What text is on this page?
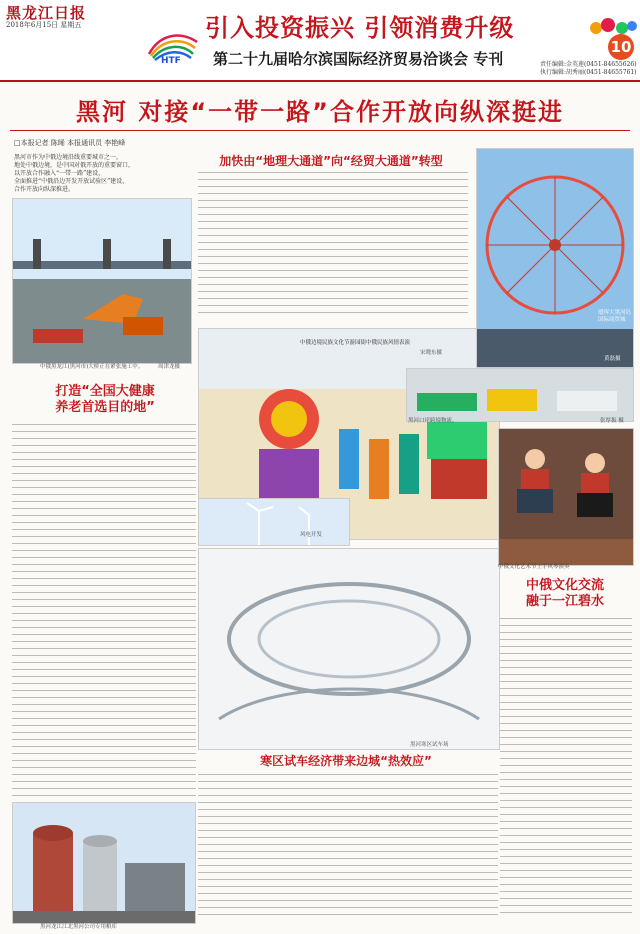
黑龙江日报
2018年6月15日 星期五
HTF
引入投资振兴 引领消费升级
第二十九届哈尔滨国际经济贸易洽谈会 专刊
10
责任编辑:金英莲(0451-84655626)
执行编辑:胡秀丽(0451-84655761)
黑河 对接“一带一路”合作开放向纵深挺进
□本报记者 陈晞 本报通讯员 李艳峰
黑河市作为中俄边境沿线重要城市之一，
地处中俄边境，是中国对俄开放的重要窗口，
以开放合作融入“一带一路”建设，
全面推进“中俄沿边开发开放试验区”建设，
合作开放向纵深推进。
中俄黑龙江(黑河市)大桥正在紧张施工中。	周津龙摄
打造“全国大健康
养老首选目的地”
黑河龙江江北黑河公司专用粮库
加快由“地理大通道”向“经贸大通道”转型
中俄边境民族文化节游园街中俄民族风情表演
宋晓东摄
风电开发
黑河寒区试车场
寒区试车经济带来边城“热效应”
瑷珲大黑河岛国际商贸城
黄磊摄
黑河口岸跨境物流。	张厚振 摄
中俄文化艺术节上手风琴演奏
中俄文化交流
融于一江碧水
